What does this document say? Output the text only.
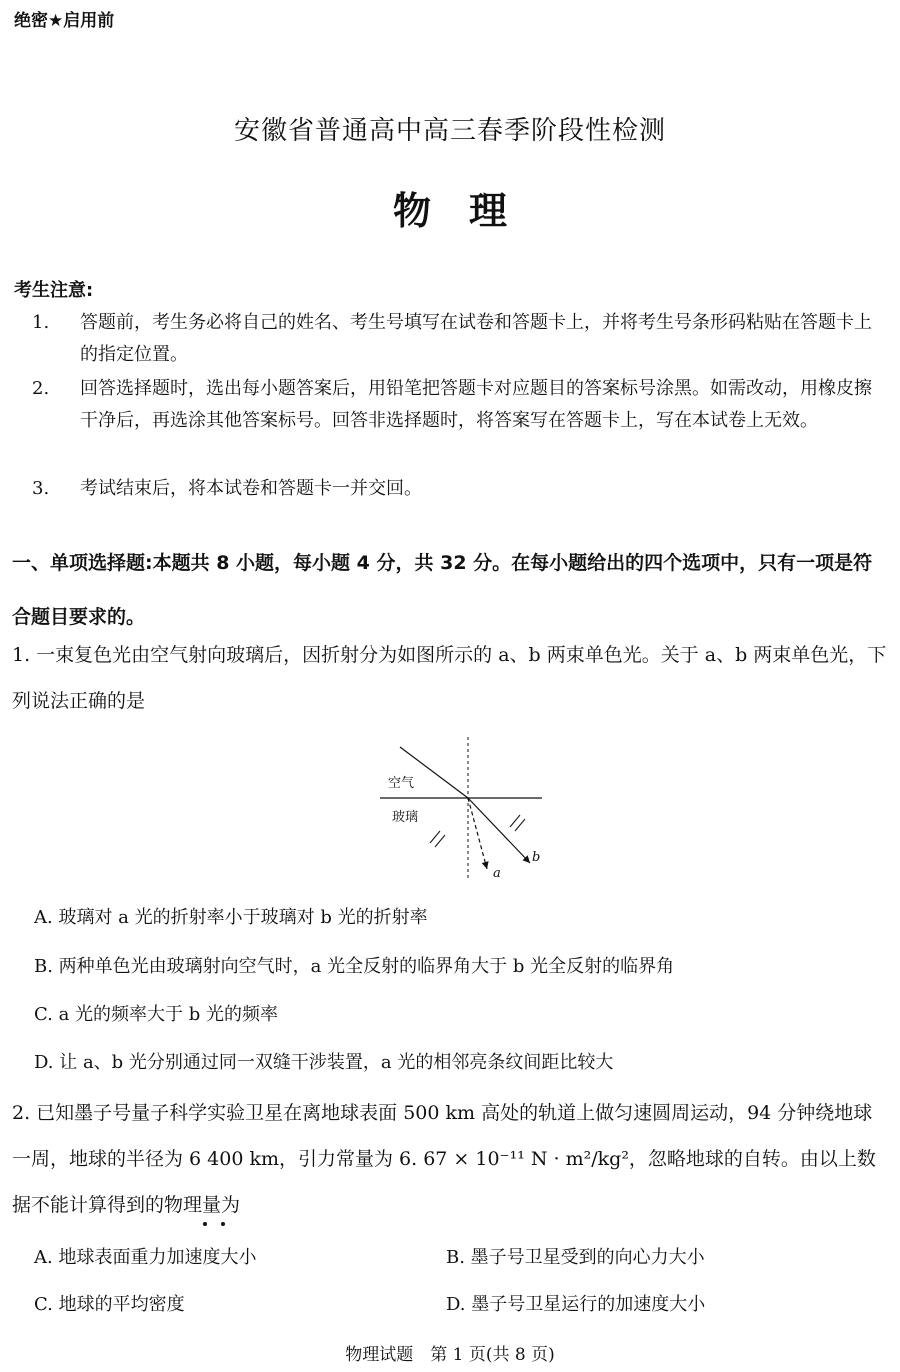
绝密★启用前
安徽省普通高中高三春季阶段性检测
物理
考生注意:
1. 答题前，考生务必将自己的姓名、考生号填写在试卷和答题卡上，并将考生号条形码粘贴在答题卡上的指定位置。
2. 回答选择题时，选出每小题答案后，用铅笔把答题卡对应题目的答案标号涂黑。如需改动，用橡皮擦干净后，再选涂其他答案标号。回答非选择题时，将答案写在答题卡上，写在本试卷上无效。
3. 考试结束后，将本试卷和答题卡一并交回。
一、单项选择题:本题共 8 小题，每小题 4 分，共 32 分。在每小题给出的四个选项中，只有一项是符合题目要求的。
1. 一束复色光由空气射向玻璃后，因折射分为如图所示的 a、b 两束单色光。关于 a、b 两束单色光，下列说法正确的是
空气
玻璃
a
b
A. 玻璃对 a 光的折射率小于玻璃对 b 光的折射率
B. 两种单色光由玻璃射向空气时，a 光全反射的临界角大于 b 光全反射的临界角
C. a 光的频率大于 b 光的频率
D. 让 a、b 光分别通过同一双缝干涉装置，a 光的相邻亮条纹间距比较大
2. 已知墨子号量子科学实验卫星在离地球表面 500 km 高处的轨道上做匀速圆周运动，94 分钟绕地球一周，地球的半径为 6 400 km，引力常量为 6. 67 × 10⁻¹¹ N · m²/kg²，忽略地球的自转。由以上数据不能计算得到的物理量为
A. 地球表面重力加速度大小	B. 墨子号卫星受到的向心力大小
C. 地球的平均密度	D. 墨子号卫星运行的加速度大小
物理试题　第 1 页(共 8 页)
